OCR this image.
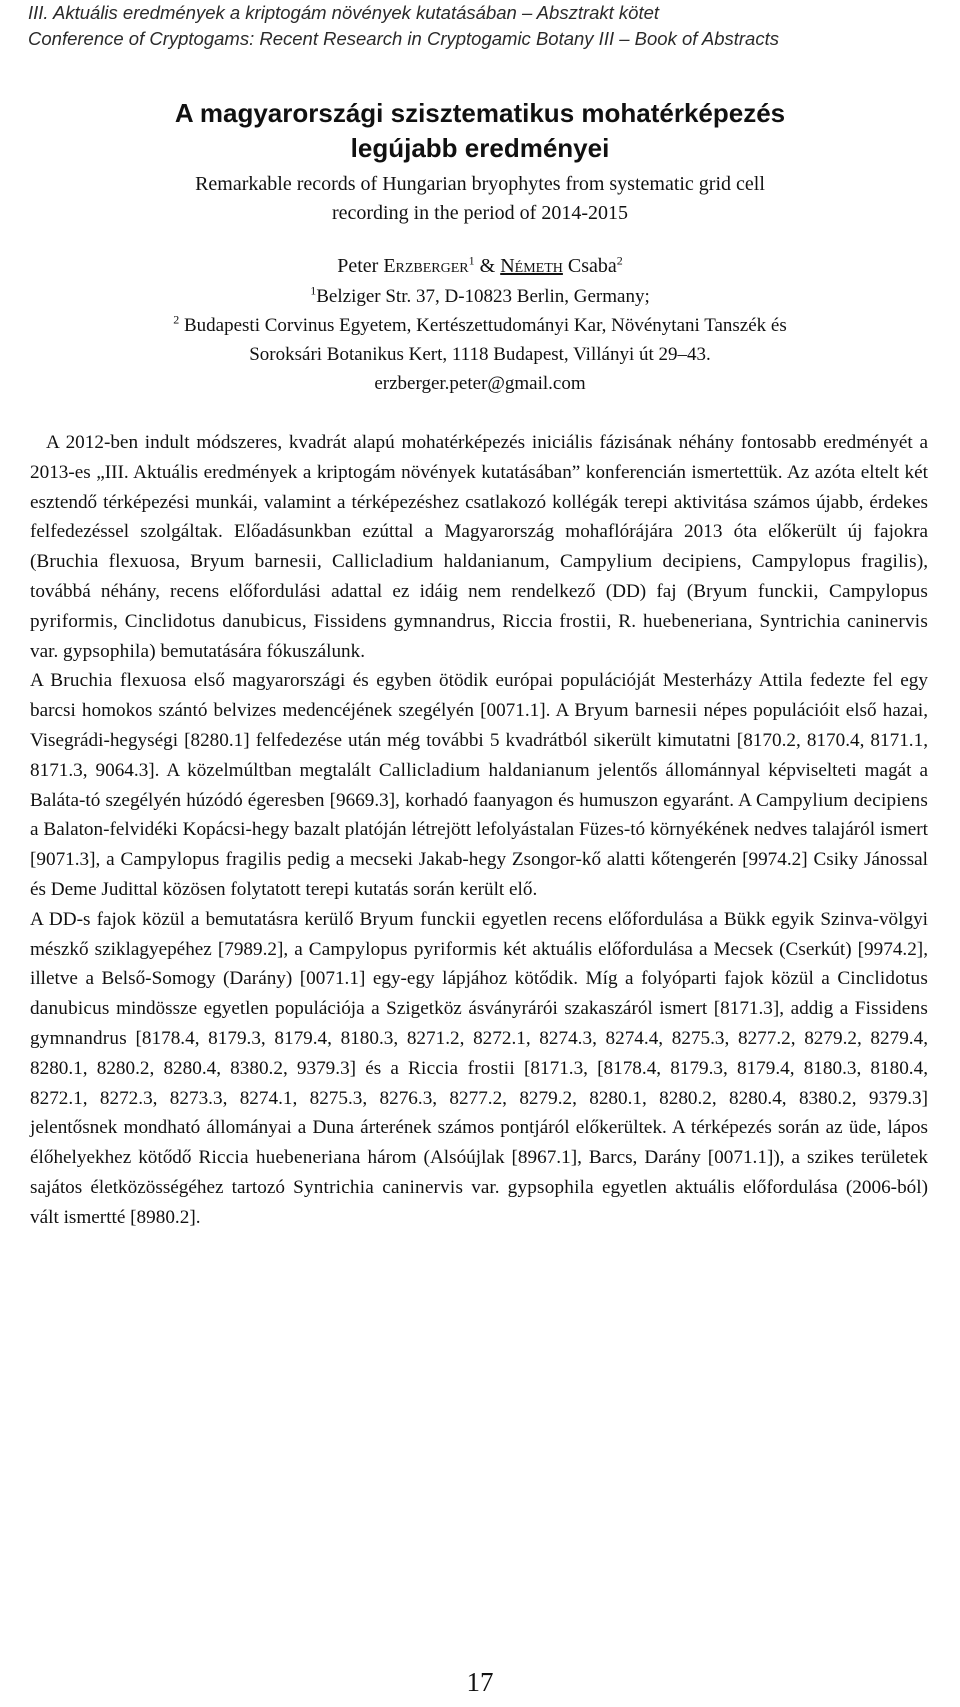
III. Aktuális eredmények a kriptogám növények kutatásában – Absztrakt kötet
Conference of Cryptogams: Recent Research in Cryptogamic Botany III – Book of Abstracts
A magyarországi szisztematikus mohatérképezés
legújabb eredményei
Remarkable records of Hungarian bryophytes from systematic grid cell
recording in the period of 2014-2015
Peter Erzberger$^1$ & Németh Csaba$^2$
$^1$Belziger Str. 37, D-10823 Berlin, Germany;
$^2$ Budapesti Corvinus Egyetem, Kertészettudományi Kar, Növénytani Tanszék és
Soroksári Botanikus Kert, 1118 Budapest, Villányi út 29–43.
erzberger.peter@gmail.com

A 2012-ben indult módszeres, kvadrát alapú mohatérképezés iniciális fázisának néhány fontosabb eredményét a 2013-es „III. Aktuális eredmények a kriptogám növények kutatásában” konferencián ismertettük. Az azóta eltelt két esztendő térképezési munkái, valamint a térképezéshez csatlakozó kollégák terepi aktivitása számos újabb, érdekes felfedezéssel szolgáltak. Előadásunkban ezúttal a Magyarország mohaflórájára 2013 óta előkerült új fajokra (Bruchia flexuosa, Bryum barnesii, Callicladium haldanianum, Campylium decipiens, Campylopus fragilis), továbbá néhány, recens előfordulási adattal ez idáig nem rendelkező (DD) faj (Bryum funckii, Campylopus pyriformis, Cinclidotus danubicus, Fissidens gymnandrus, Riccia frostii, R. huebeneriana, Syntrichia caninervis var. gypsophila) bemutatására fókuszálunk.

A Bruchia flexuosa első magyarországi és egyben ötödik európai populációját Mesterházy Attila fedezte fel egy barcsi homokos szántó belvizes medencéjének szegélyén [0071.1]. A Bryum barnesii népes populációit első hazai, Visegrádi-hegységi [8280.1] felfedezése után még további 5 kvadrátból sikerült kimutatni [8170.2, 8170.4, 8171.1, 8171.3, 9064.3]. A közelmúltban megtalált Callicladium haldanianum jelentős állománnyal képviselteti magát a Baláta-tó szegélyén húzódó égeresben [9669.3], korhadó faanyagon és humuszon egyaránt. A Campylium decipiens a Balaton-felvidéki Kopácsi-hegy bazalt platóján létrejött lefolyástalan Füzes-tó környékének nedves talajáról ismert [9071.3], a Campylopus fragilis pedig a mecseki Jakab-hegy Zsongor-kő alatti kőtengerén [9974.2] Csiky Jánossal és Deme Judittal közösen folytatott terepi kutatás során került elő.

A DD-s fajok közül a bemutatásra kerülő Bryum funckii egyetlen recens előfordulása a Bükk egyik Szinva-völgyi mészkő sziklagyepéhez [7989.2], a Campylopus pyriformis két aktuális előfordulása a Mecsek (Cserkút) [9974.2], illetve a Belső-Somogy (Darány) [0071.1] egy-egy lápjához kötődik. Míg a folyóparti fajok közül a Cinclidotus danubicus mindössze egyetlen populációja a Szigetköz ásványrárói szakaszáról ismert [8171.3], addig a Fissidens gymnandrus [8178.4, 8179.3, 8179.4, 8180.3, 8271.2, 8272.1, 8274.3, 8274.4, 8275.3, 8277.2, 8279.2, 8279.4, 8280.1, 8280.2, 8280.4, 8380.2, 9379.3] és a Riccia frostii [8171.3, [8178.4, 8179.3, 8179.4, 8180.3, 8180.4, 8272.1, 8272.3, 8273.3, 8274.1, 8275.3, 8276.3, 8277.2, 8279.2, 8280.1, 8280.2, 8280.4, 8380.2, 9379.3] jelentősnek mondható állományai a Duna árterének számos pontjáról előkerültek. A térképezés során az üde, lápos élőhelyekhez kötődő Riccia huebeneriana három (Alsóújlak [8967.1], Barcs, Darány [0071.1]), a szikes területek sajátos életközösségéhez tartozó Syntrichia caninervis var. gypsophila egyetlen aktuális előfordulása (2006-ból) vált ismertté [8980.2].

17
